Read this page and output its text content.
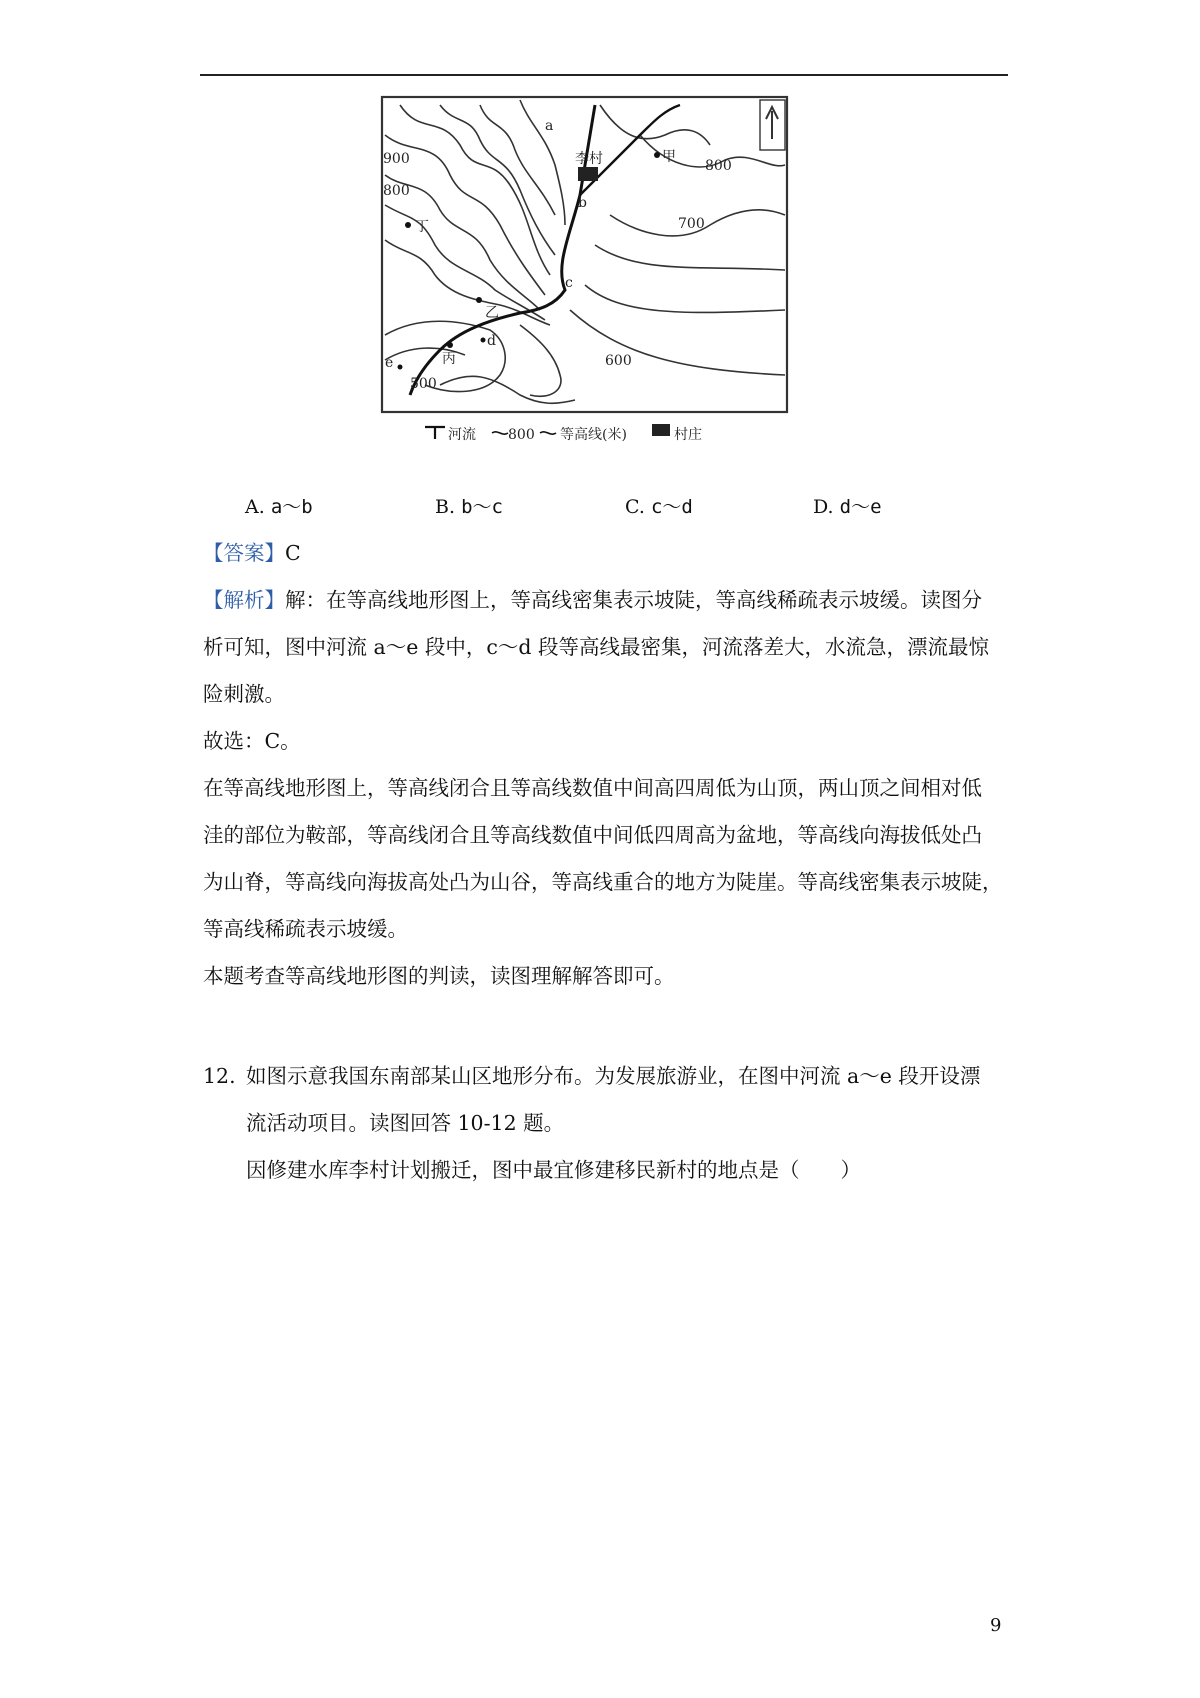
900
800
800
700
600
500
甲
丁
乙
丙
李村
a
b
c
d
e
河流 800 等高线(米)	村庄
A. a～b	B. b～c	C. c～d	D. d～e

【答案】C

【解析】解：在等高线地形图上，等高线密集表示坡陡，等高线稀疏表示坡缓。读图分

析可知，图中河流 a～e 段中，c～d 段等高线最密集，河流落差大，水流急，漂流最惊

险刺激。

故选：C。

在等高线地形图上，等高线闭合且等高线数值中间高四周低为山顶，两山顶之间相对低

洼的部位为鞍部，等高线闭合且等高线数值中间低四周高为盆地，等高线向海拔低处凸

为山脊，等高线向海拔高处凸为山谷，等高线重合的地方为陡崖。等高线密集表示坡陡，

等高线稀疏表示坡缓。

本题考查等高线地形图的判读，读图理解解答即可。

12. 如图示意我国东南部某山区地形分布。为发展旅游业，在图中河流 a～e 段开设漂
流活动项目。读图回答 10-12 题。
因修建水库李村计划搬迁，图中最宜修建移民新村的地点是（　　）
9
